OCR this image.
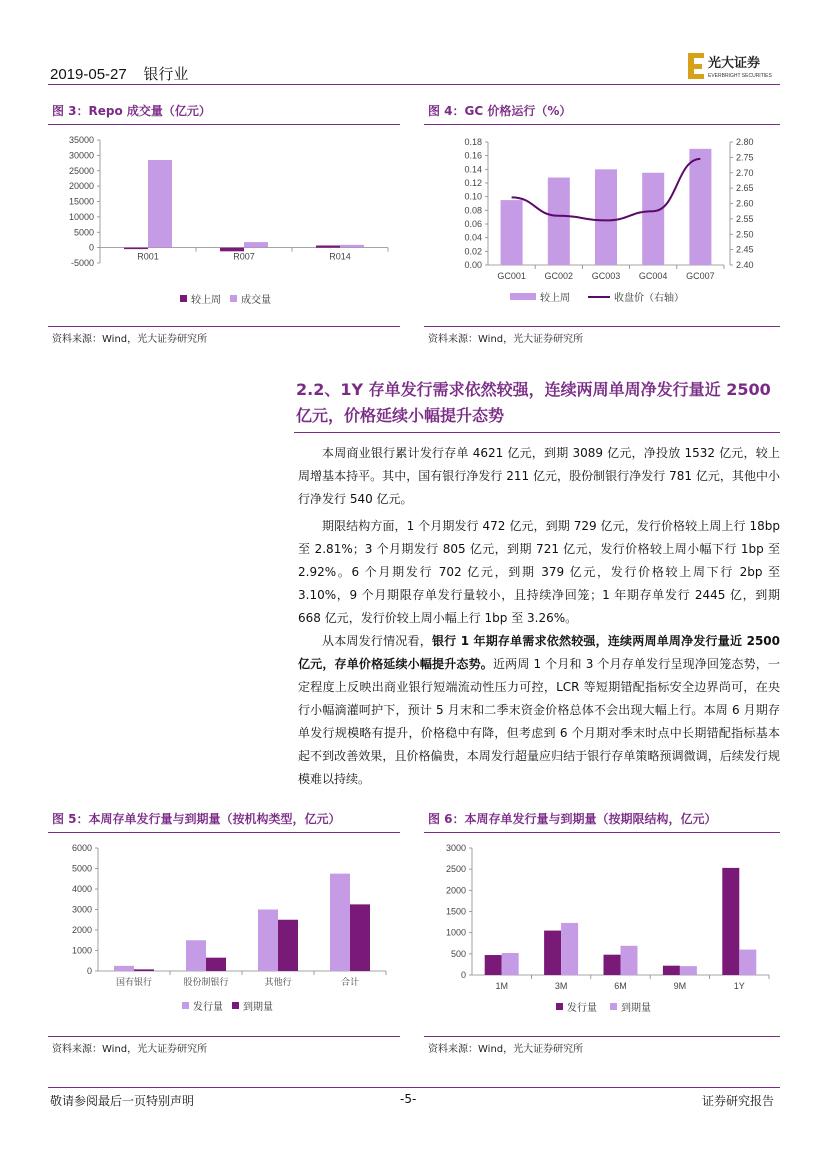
2019-05-27 银行业
光大证券
EVERBRIGHT SECURITIES
图 3：Repo 成交量（亿元）
35000
30000
25000
20000
15000
10000
5000
0
-5000
R001	R007	R014
较上周 成交量
资料来源：Wind，光大证券研究所
图 4：GC 价格运行（%）
0.18
0.16
0.14
0.12
0.10
0.08
0.06
0.04
0.02
0.00
GC001 GC002 GC003 GC004 GC007
2.80
2.75
2.70
2.65
2.60
2.55
2.50
2.45
2.40
较上周	收盘价（右轴）
资料来源：Wind，光大证券研究所
2.2、1Y 存单发行需求依然较强，连续两周单周净发行量近 2500 亿元，价格延续小幅提升态势

本周商业银行累计发行存单 4621 亿元，到期 3089 亿元，净投放 1532 亿元，较上周增基本持平。其中，国有银行净发行 211 亿元，股份制银行净发行 781 亿元，其他中小行净发行 540 亿元。

期限结构方面，1 个月期发行 472 亿元，到期 729 亿元，发行价格较上周上行 18bp 至 2.81%；3 个月期发行 805 亿元，到期 721 亿元，发行价格较上周小幅下行 1bp 至 2.92%。6 个月期发行 702 亿元，到期 379 亿元，发行价格较上周下行 2bp 至 3.10%，9 个月期限存单发行量较小，且持续净回笼；1 年期存单发行 2445 亿，到期 668 亿元，发行价较上周小幅上行 1bp 至 3.26%。

从本周发行情况看，银行 1 年期存单需求依然较强，连续两周单周净发行量近 2500 亿元，存单价格延续小幅提升态势。近两周 1 个月和 3 个月存单发行呈现净回笼态势，一定程度上反映出商业银行短端流动性压力可控，LCR 等短期错配指标安全边界尚可，在央行小幅滴灌呵护下，预计 5 月末和二季末资金价格总体不会出现大幅上行。本周 6 月期存单发行规模略有提升，价格稳中有降，但考虑到 6 个月期对季末时点中长期错配指标基本起不到改善效果，且价格偏贵，本周发行超量应归结于银行存单策略预调微调，后续发行规模难以持续。

图 5：本周存单发行量与到期量（按机构类型，亿元）
6000
5000
4000
3000
2000
1000
0
国有银行	股份制银行	其他行	合计
发行量 到期量
资料来源：Wind，光大证券研究所
图 6：本周存单发行量与到期量（按期限结构，亿元）
3000
2500
2000
1500
1000
500
0
1M	3M	6M	9M	1Y
发行量 到期量
资料来源：Wind，光大证券研究所
敬请参阅最后一页特别声明	-5-	证券研究报告
